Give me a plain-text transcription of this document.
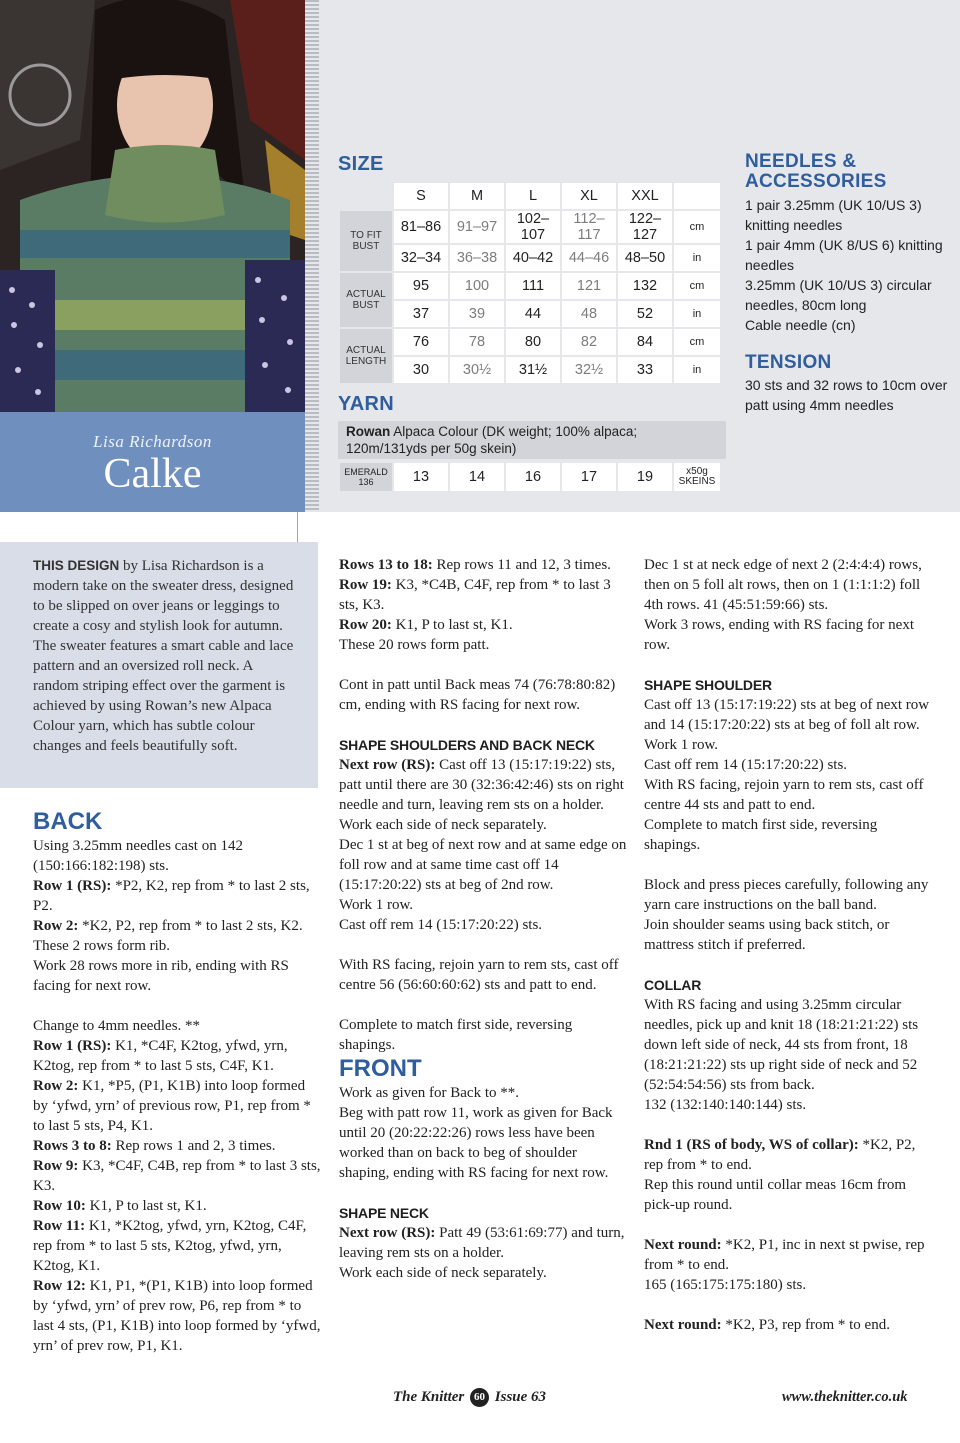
Lisa Richardson
Calke
SIZE
	S	M	L	XL	XXL	
TO FIT BUST	81–86	91–97	102–107	112–117	122–127	cm
	32–34	36–38	40–42	44–46	48–50	in
ACTUAL BUST	95	100	111	121	132	cm
	37	39	44	48	52	in
ACTUAL LENGTH	76	78	80	82	84	cm
	30	30½	31½	32½	33	in
YARN
Rowan Alpaca Colour (DK weight; 100% alpaca; 120m/131yds per 50g skein)
EMERALD
136	13	14	16	17	19	x50g
SKEINS
NEEDLES &
ACCESSORIES
1 pair 3.25mm (UK 10/US 3) knitting needles
1 pair 4mm (UK 8/US 6) knitting needles
3.25mm (UK 10/US 3) circular needles, 80cm long
Cable needle (cn)
TENSION
30 sts and 32 rows to 10cm over patt using 4mm needles
THIS DESIGN by Lisa Richardson is a modern take on the sweater dress, designed to be slipped on over jeans or leggings to create a cosy and stylish look for autumn. The sweater features a smart cable and lace pattern and an oversized roll neck. A random striping effect over the garment is achieved by using Rowan’s new Alpaca Colour yarn, which has subtle colour changes and feels beautifully soft.

BACK

Using 3.25mm needles cast on 142 (150:166:182:198) sts.

Row 1 (RS): *P2, K2, rep from * to last 2 sts, P2.

Row 2: *K2, P2, rep from * to last 2 sts, K2.

These 2 rows form rib.

Work 28 rows more in rib, ending with RS facing for next row.

Change to 4mm needles. **

Row 1 (RS): K1, *C4F, K2tog, yfwd, yrn, K2tog, rep from * to last 5 sts, C4F, K1.

Row 2: K1, *P5, (P1, K1B) into loop formed by ‘yfwd, yrn’ of previous row, P1, rep from * to last 5 sts, P4, K1.

Rows 3 to 8: Rep rows 1 and 2, 3 times.

Row 9: K3, *C4F, C4B, rep from * to last 3 sts, K3.

Row 10: K1, P to last st, K1.

Row 11: K1, *K2tog, yfwd, yrn, K2tog, C4F, rep from * to last 5 sts, K2tog, yfwd, yrn, K2tog, K1.

Row 12: K1, P1, *(P1, K1B) into loop formed by ‘yfwd, yrn’ of prev row, P6, rep from * to last 4 sts, (P1, K1B) into loop formed by ‘yfwd, yrn’ of prev row, P1, K1.

Rows 13 to 18: Rep rows 11 and 12, 3 times.

Row 19: K3, *C4B, C4F, rep from * to last 3 sts, K3.

Row 20: K1, P to last st, K1.

These 20 rows form patt.

Cont in patt until Back meas 74 (76:78:80:82) cm, ending with RS facing for next row.

SHAPE SHOULDERS AND BACK NECK

Next row (RS): Cast off 13 (15:17:19:22) sts, patt until there are 30 (32:36:42:46) sts on right needle and turn, leaving rem sts on a holder.

Work each side of neck separately.

Dec 1 st at beg of next row and at same edge on foll row and at same time cast off 14 (15:17:20:22) sts at beg of 2nd row.

Work 1 row.

Cast off rem 14 (15:17:20:22) sts.

With RS facing, rejoin yarn to rem sts, cast off centre 56 (56:60:60:62) sts and patt to end.

Complete to match first side, reversing shapings.

FRONT

Work as given for Back to **.

Beg with patt row 11, work as given for Back until 20 (20:22:22:26) rows less have been worked than on back to beg of shoulder shaping, ending with RS facing for next row.

SHAPE NECK

Next row (RS): Patt 49 (53:61:69:77) and turn, leaving rem sts on a holder.

Work each side of neck separately.

Dec 1 st at neck edge of next 2 (2:4:4:4) rows, then on 5 foll alt rows, then on 1 (1:1:1:2) foll 4th rows. 41 (45:51:59:66) sts.

Work 3 rows, ending with RS facing for next row.

SHAPE SHOULDER

Cast off 13 (15:17:19:22) sts at beg of next row and 14 (15:17:20:22) sts at beg of foll alt row.

Work 1 row.

Cast off rem 14 (15:17:20:22) sts.

With RS facing, rejoin yarn to rem sts, cast off centre 44 sts and patt to end.

Complete to match first side, reversing shapings.

Block and press pieces carefully, following any yarn care instructions on the ball band.

Join shoulder seams using back stitch, or mattress stitch if preferred.

COLLAR

With RS facing and using 3.25mm circular needles, pick up and knit 18 (18:21:21:22) sts down left side of neck, 44 sts from front, 18 (18:21:21:22) sts up right side of neck and 52 (52:54:54:56) sts from back.

132 (132:140:140:144) sts.

Rnd 1 (RS of body, WS of collar): *K2, P2, rep from * to end.

Rep this round until collar meas 16cm from pick-up round.

Next round: *K2, P1, inc in next st pwise, rep from * to end.

165 (165:175:175:180) sts.

Next round: *K2, P3, rep from * to end.

The Knitter 60 Issue 63	www.theknitter.co.uk
